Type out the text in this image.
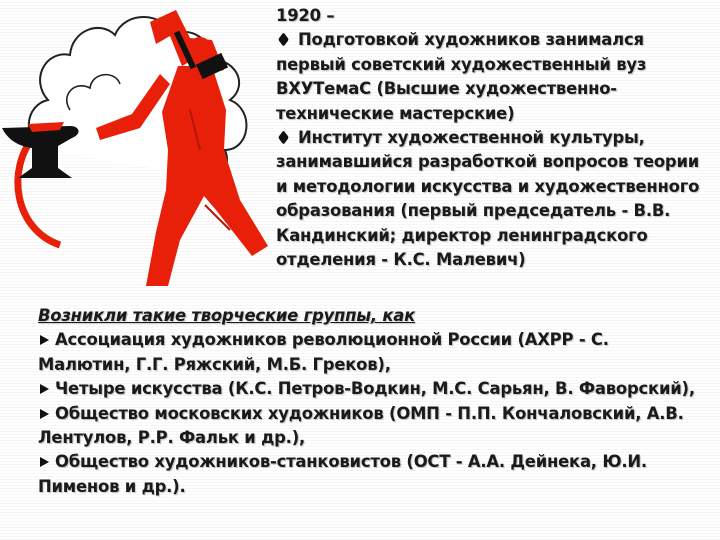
1920 –

Подготовкой художников занимался первый советский художественный вуз ВХУТемаС (Высшие художественно-технические мастерские)

Институт художественной культуры, занимавшийся разработкой вопросов теории и методологии искусства и художественного образования (первый председатель - В.В. Кандинский; директор ленинградского отделения - К.С. Малевич)

Возникли такие творческие группы, как
Ассоциация художников революционной России (АХРР - С. Малютин, Г.Г. Ряжский, М.Б. Греков),
Четыре искусства (К.С. Петров-Водкин, М.С. Сарьян, В. Фаворский),
Общество московских художников (ОМП - П.П. Кончаловский, А.В. Лентулов, Р.Р. Фальк и др.),
Общество художников-станковистов (ОСТ - А.А. Дейнека, Ю.И. Пименов и др.).
